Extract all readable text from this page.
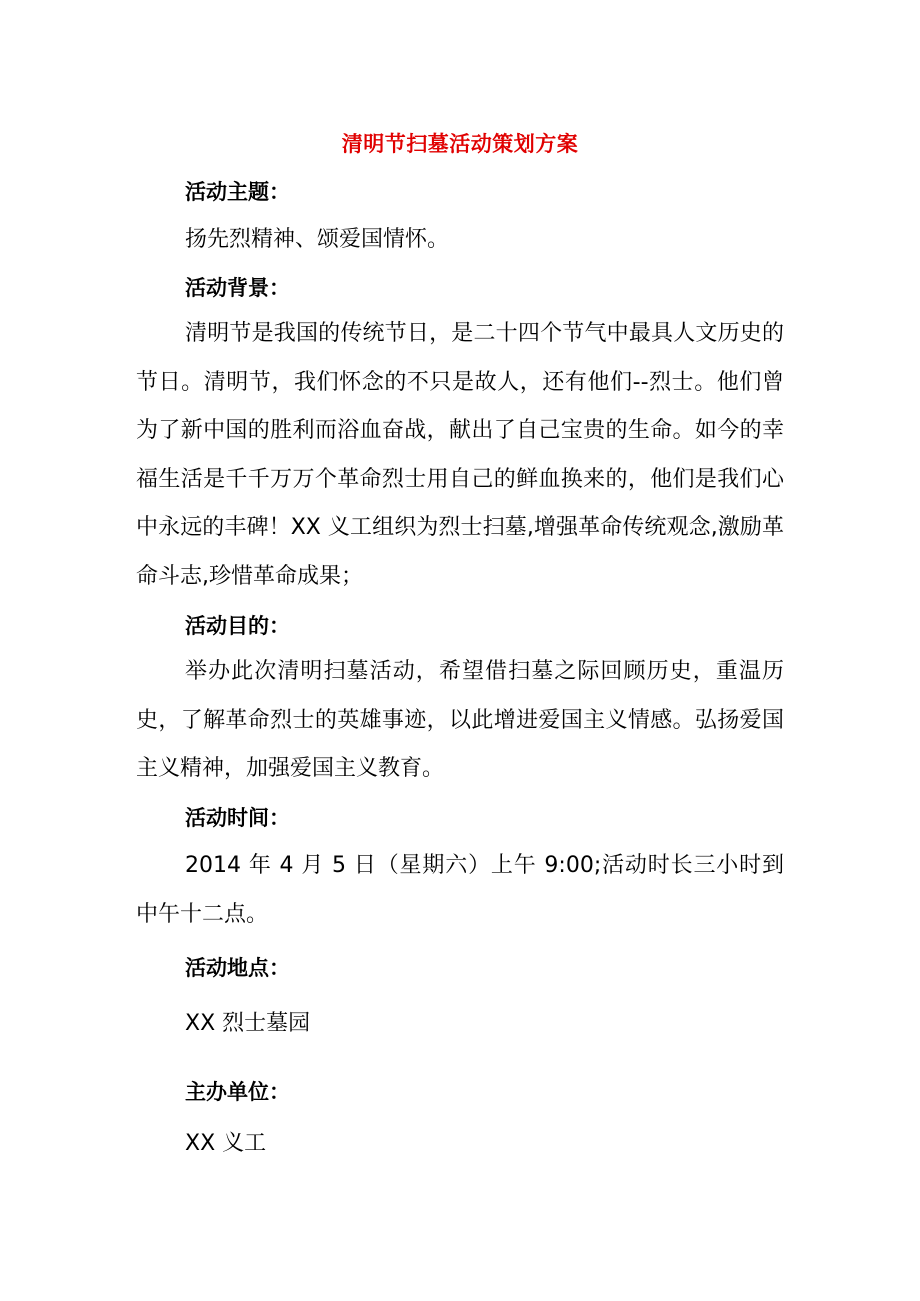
清明节扫墓活动策划方案
活动主题：
扬先烈精神、颂爱国情怀。
活动背景：
清明节是我国的传统节日，是二十四个节气中最具人文历史的节日。清明节，我们怀念的不只是故人，还有他们--烈士。他们曾为了新中国的胜利而浴血奋战，献出了自己宝贵的生命。如今的幸福生活是千千万万个革命烈士用自己的鲜血换来的，他们是我们心中永远的丰碑！XX 义工组织为烈士扫墓,增强革命传统观念,激励革命斗志,珍惜革命成果；
活动目的：
举办此次清明扫墓活动，希望借扫墓之际回顾历史，重温历史，了解革命烈士的英雄事迹，以此增进爱国主义情感。弘扬爱国主义精神，加强爱国主义教育。
活动时间：
2014 年 4 月 5 日（星期六）上午 9:00;活动时长三小时到中午十二点。
活动地点：
XX 烈士墓园
主办单位：
XX 义工
